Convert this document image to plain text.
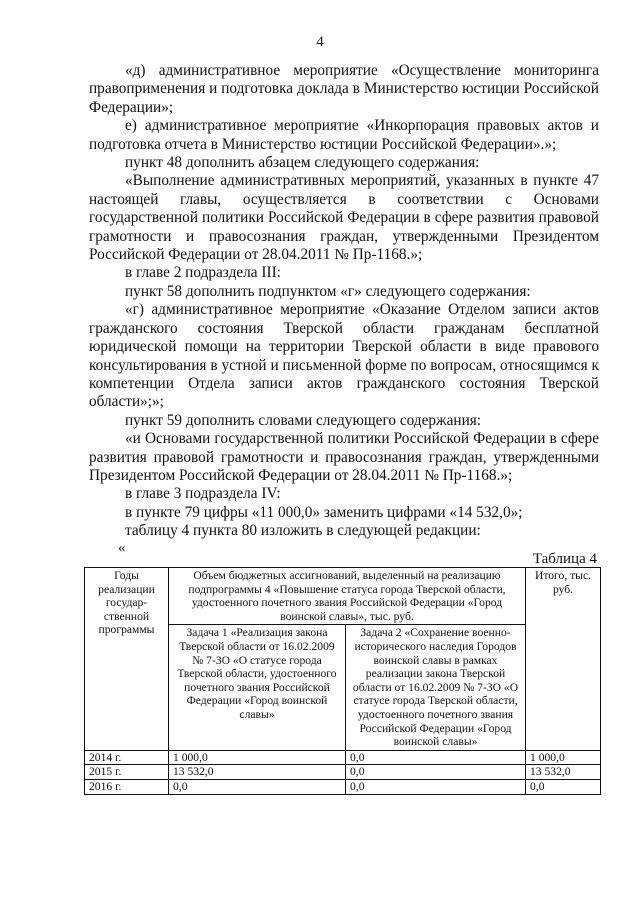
4

«д) административное мероприятие «Осуществление мониторинга правоприменения и подготовка доклада в Министерство юстиции Российской Федерации»;

е) административное мероприятие «Инкорпорация правовых актов и подготовка отчета в Министерство юстиции Российской Федерации».»;

пункт 48 дополнить абзацем следующего содержания:

«Выполнение административных мероприятий, указанных в пункте 47 настоящей главы, осуществляется в соответствии с Основами государственной политики Российской Федерации в сфере развития правовой грамотности и правосознания граждан, утвержденными Президентом Российской Федерации от 28.04.2011 № Пр-1168.»;

в главе 2 подраздела III:

пункт 58 дополнить подпунктом «г» следующего содержания:

«г) административное мероприятие «Оказание Отделом записи актов гражданского состояния Тверской области гражданам бесплатной юридической помощи на территории Тверской области в виде правового консультирования в устной и письменной форме по вопросам, относящимся к компетенции Отдела записи актов гражданского состояния Тверской области»;»;

пункт 59 дополнить словами следующего содержания:

«и Основами государственной политики Российской Федерации в сфере развития правовой грамотности и правосознания граждан, утвержденными Президентом Российской Федерации от 28.04.2011 № Пр-1168.»;

в главе 3 подраздела IV:

в пункте 79 цифры «11 000,0» заменить цифрами «14 532,0»;

таблицу 4 пункта 80 изложить в следующей редакции:

«
Таблица 4
Годы реализации государ-ственной программы	Объем бюджетных ассигнований, выделенный на реализацию подпрограммы 4 «Повышение статуса города Тверской области, удостоенного почетного звания Российской Федерации «Город воинской славы», тыс. руб.		Итого, тыс. руб.
	Задача 1 «Реализация закона Тверской области от 16.02.2009 № 7-ЗО «О статусе города Тверской области, удостоенного почетного звания Российской Федерации «Город воинской славы»	Задача 2 «Сохранение военно-исторического наследия Городов воинской славы в рамках реализации закона Тверской области от 16.02.2009 № 7-ЗО «О статусе города Тверской области, удостоенного почетного звания Российской Федерации «Город воинской славы»	
2014 г.	1 000,0	0,0	1 000,0
2015 г.	13 532,0	0,0	13 532,0
2016 г.	0,0	0,0	0,0
